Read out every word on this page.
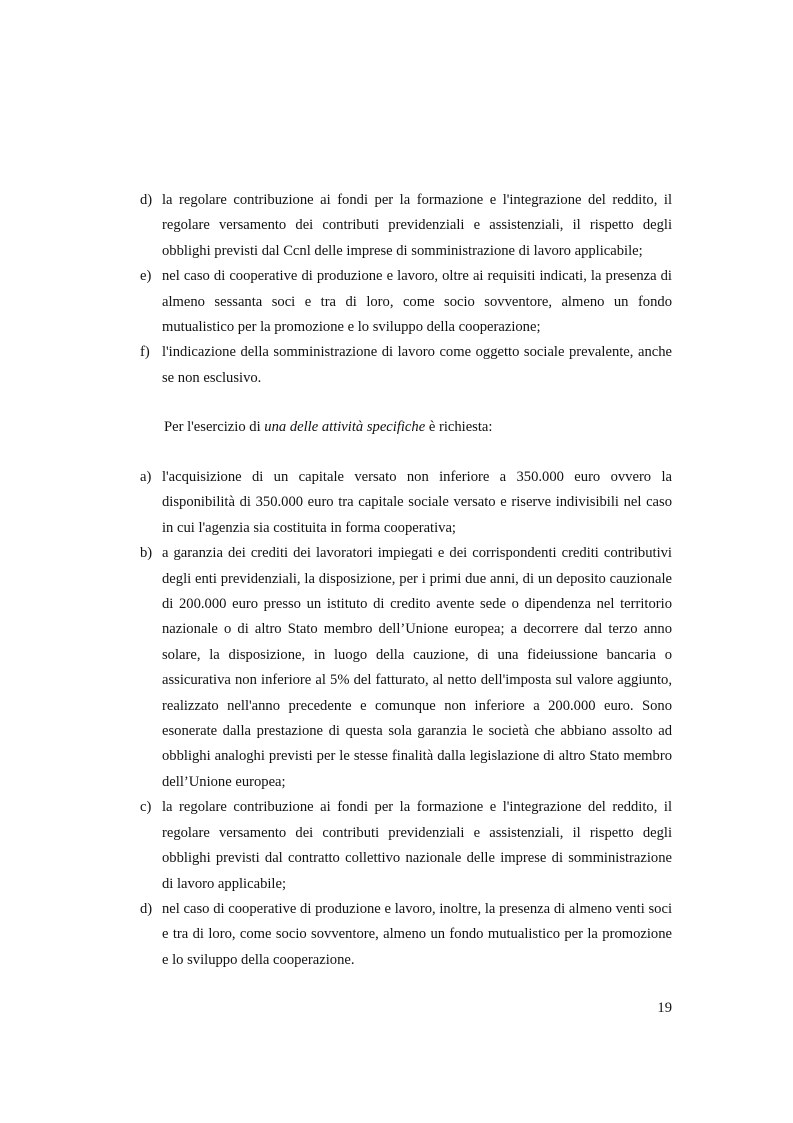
d) la regolare contribuzione ai fondi per la formazione e l'integrazione del reddito, il regolare versamento dei contributi previdenziali e assistenziali, il rispetto degli obblighi previsti dal Ccnl delle imprese di somministrazione di lavoro applicabile;
e) nel caso di cooperative di produzione e lavoro, oltre ai requisiti indicati, la presenza di almeno sessanta soci e tra di loro, come socio sovventore, almeno un fondo mutualistico per la promozione e lo sviluppo della cooperazione;
f) l'indicazione della somministrazione di lavoro come oggetto sociale prevalente, anche se non esclusivo.

Per l'esercizio di una delle attività specifiche è richiesta:

a) l'acquisizione di un capitale versato non inferiore a 350.000 euro ovvero la disponibilità di 350.000 euro tra capitale sociale versato e riserve indivisibili nel caso in cui l'agenzia sia costituita in forma cooperativa;
b) a garanzia dei crediti dei lavoratori impiegati e dei corrispondenti crediti contributivi degli enti previdenziali, la disposizione, per i primi due anni, di un deposito cauzionale di 200.000 euro presso un istituto di credito avente sede o dipendenza nel territorio nazionale o di altro Stato membro dell’Unione europea; a decorrere dal terzo anno solare, la disposizione, in luogo della cauzione, di una fideiussione bancaria o assicurativa non inferiore al 5% del fatturato, al netto dell'imposta sul valore aggiunto, realizzato nell'anno precedente e comunque non inferiore a 200.000 euro. Sono esonerate dalla prestazione di questa sola garanzia le società che abbiano assolto ad obblighi analoghi previsti per le stesse finalità dalla legislazione di altro Stato membro dell’Unione europea;
c) la regolare contribuzione ai fondi per la formazione e l'integrazione del reddito, il regolare versamento dei contributi previdenziali e assistenziali, il rispetto degli obblighi previsti dal contratto collettivo nazionale delle imprese di somministrazione di lavoro applicabile;
d) nel caso di cooperative di produzione e lavoro, inoltre, la presenza di almeno venti soci e tra di loro, come socio sovventore, almeno un fondo mutualistico per la promozione e lo sviluppo della cooperazione.
19
